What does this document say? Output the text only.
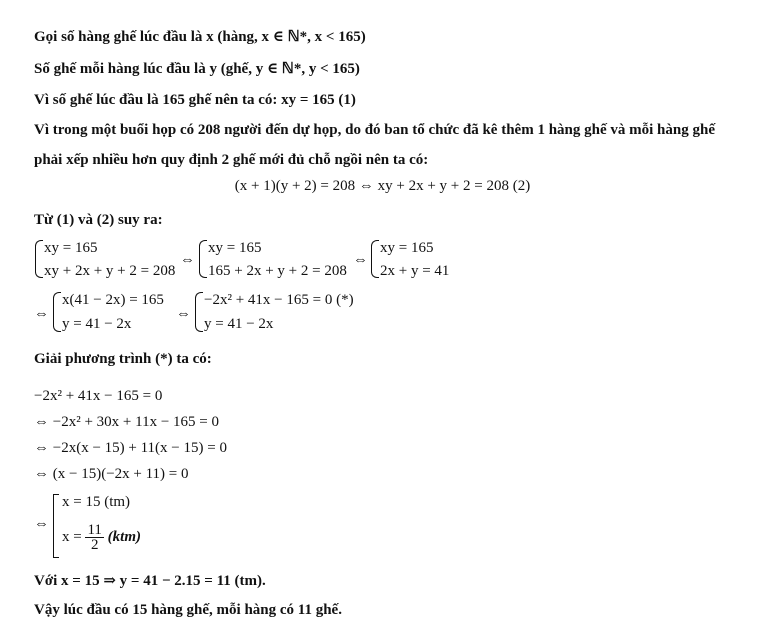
Gọi số hàng ghế lúc đầu là x (hàng, x ∈ ℕ*, x < 165)
Số ghế mỗi hàng lúc đầu là y (ghế, y ∈ ℕ*, y < 165)
Vì số ghế lúc đầu là 165 ghế nên ta có: xy = 165 (1)
Vì trong một buổi họp có 208 người đến dự họp, do đó ban tổ chức đã kê thêm 1 hàng ghế và mỗi hàng ghế
phải xếp nhiều hơn quy định 2 ghế mới đủ chỗ ngồi nên ta có:
(x + 1)(y + 2) = 208 ⇔ xy + 2x + y + 2 = 208 (2)
Từ (1) và (2) suy ra:
xy = 165
xy + 2x + y + 2 = 208
⇔
xy = 165
165 + 2x + y + 2 = 208
⇔
xy = 165
2x + y = 41
⇔
x(41 − 2x) = 165
y = 41 − 2x
⇔
−2x² + 41x − 165 = 0 (*)
y = 41 − 2x
Giải phương trình (*) ta có:
−2x² + 41x − 165 = 0
⇔ −2x² + 30x + 11x − 165 = 0
⇔ −2x(x − 15) + 11(x − 15) = 0
⇔ (x − 15)(−2x + 11) = 0
⇔
x = 15 (tm)
$x = \frac{11}{2} (ktm)$
Với x = 15 ⇒ y = 41 − 2.15 = 11 (tm).
Vậy lúc đầu có 15 hàng ghế, mỗi hàng có 11 ghế.
